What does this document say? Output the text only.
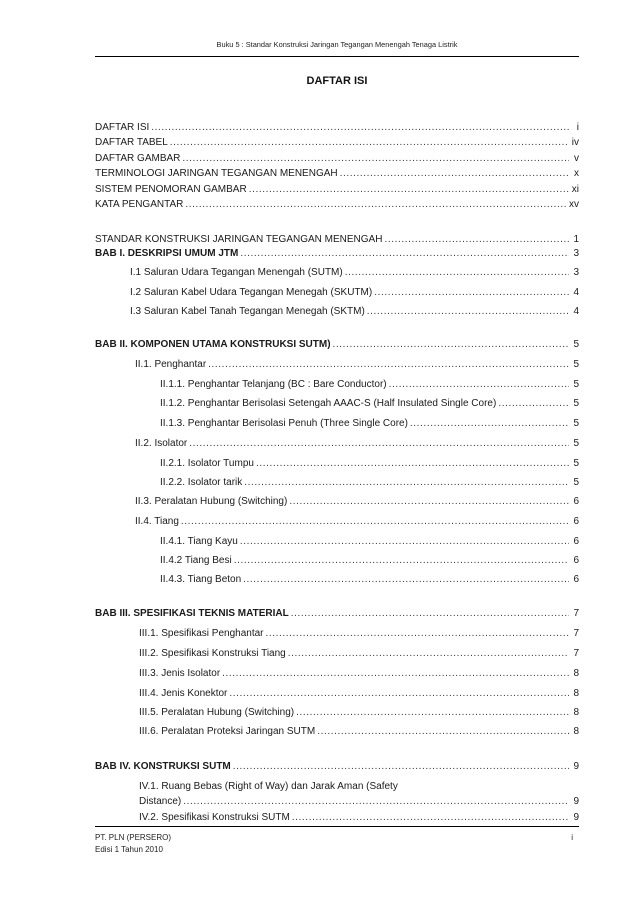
Buku 5 : Standar Konstruksi Jaringan Tegangan Menengah Tenaga Listrik
DAFTAR ISI
DAFTAR ISI .....	i
DAFTAR TABEL .....	iv
DAFTAR GAMBAR .....	v
TERMINOLOGI JARINGAN TEGANGAN MENENGAH .....	x
SISTEM PENOMORAN GAMBAR .....	xi
KATA PENGANTAR .....	xv
STANDAR KONSTRUKSI JARINGAN TEGANGAN MENENGAH .....	1
BAB I. DESKRIPSI UMUM JTM .....	3
I.1 Saluran Udara Tegangan Menengah (SUTM) .....	3
I.2 Saluran Kabel Udara Tegangan Menegah (SKUTM) .....	4
I.3 Saluran Kabel Tanah Tegangan Menegah (SKTM) .....	4
BAB II. KOMPONEN UTAMA KONSTRUKSI SUTM) .....	5
II.1. Penghantar .....	5
II.1.1. Penghantar Telanjang (BC : Bare Conductor) .....	5
II.1.2. Penghantar Berisolasi Setengah AAAC-S (Half Insulated Single Core) .....	5
II.1.3. Penghantar Berisolasi Penuh (Three Single Core) .....	5
II.2. Isolator .....	5
II.2.1. Isolator Tumpu .....	5
II.2.2. Isolator tarik .....	5
II.3. Peralatan Hubung (Switching) .....	6
II.4. Tiang .....	6
II.4.1. Tiang Kayu .....	6
II.4.2 Tiang Besi .....	6
II.4.3. Tiang Beton .....	6
BAB III. SPESIFIKASI TEKNIS MATERIAL .....	7
III.1. Spesifikasi Penghantar .....	7
III.2. Spesifikasi Konstruksi Tiang .....	7
III.3. Jenis Isolator .....	8
III.4. Jenis Konektor .....	8
III.5. Peralatan Hubung (Switching) .....	8
III.6. Peralatan Proteksi Jaringan SUTM .....	8
BAB IV. KONSTRUKSI SUTM .....	9
IV.1. Ruang Bebas (Right of Way) dan Jarak Aman (Safety
Distance) .....	9
IV.2. Spesifikasi Konstruksi SUTM .....	9
PT. PLN (PERSERO)
Edisi 1 Tahun 2010
i
